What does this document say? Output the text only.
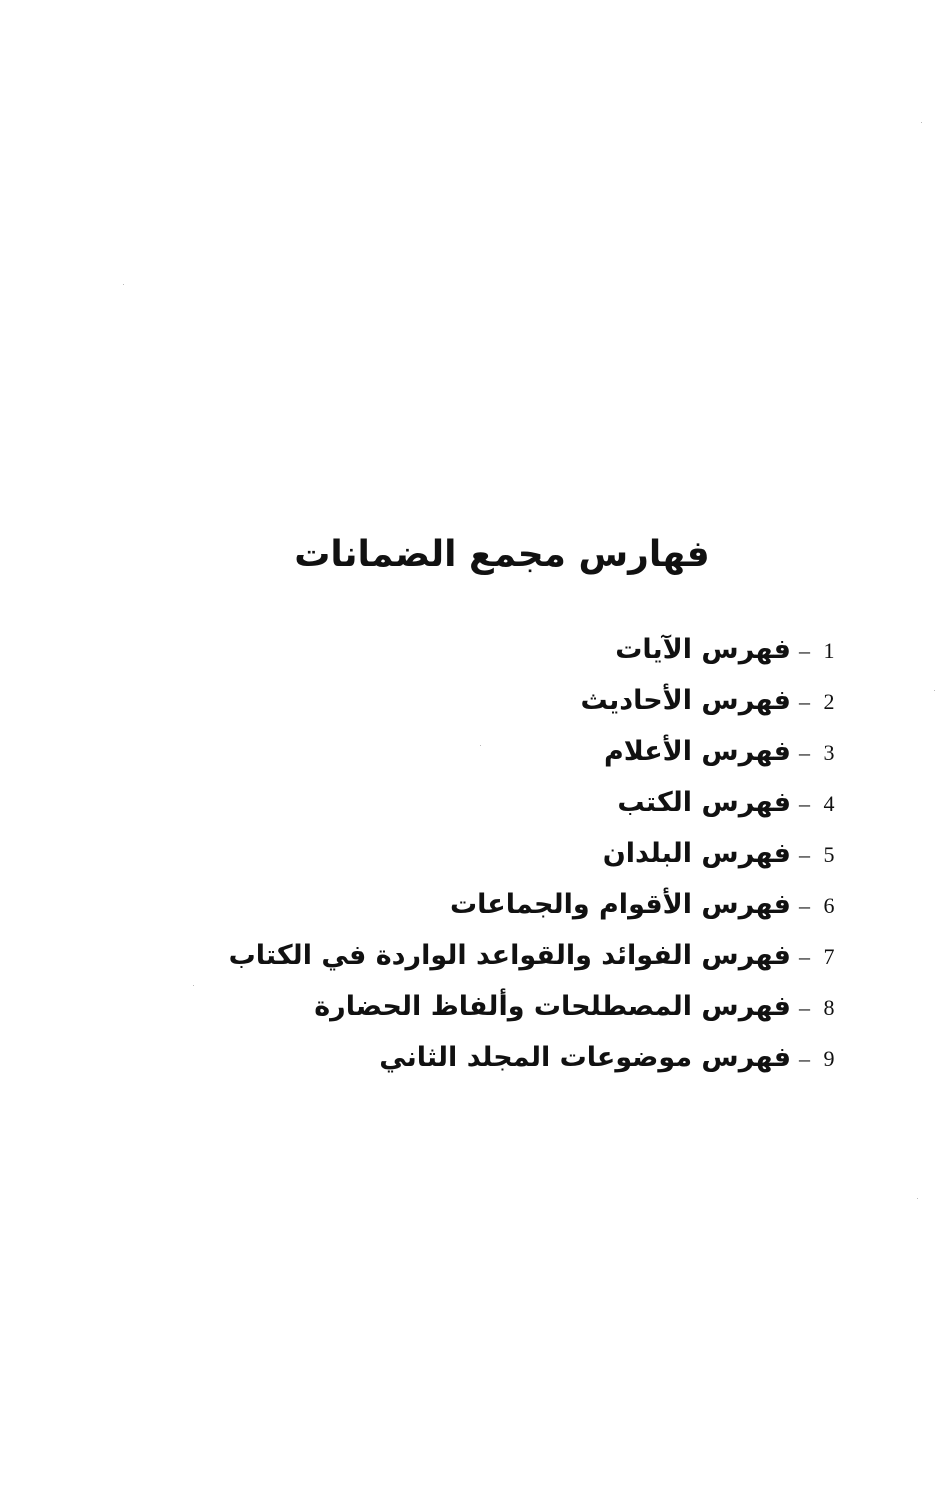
فهارس مجمع الضمانات
1
–
فهرس الآيات
2
–
فهرس الأحاديث
3
–
فهرس الأعلام
4
–
فهرس الكتب
5
–
فهرس البلدان
6
–
فهرس الأقوام والجماعات
7
–
فهرس الفوائد والقواعد الواردة في الكتاب
8
–
فهرس المصطلحات وألفاظ الحضارة
9
–
فهرس موضوعات المجلد الثاني
